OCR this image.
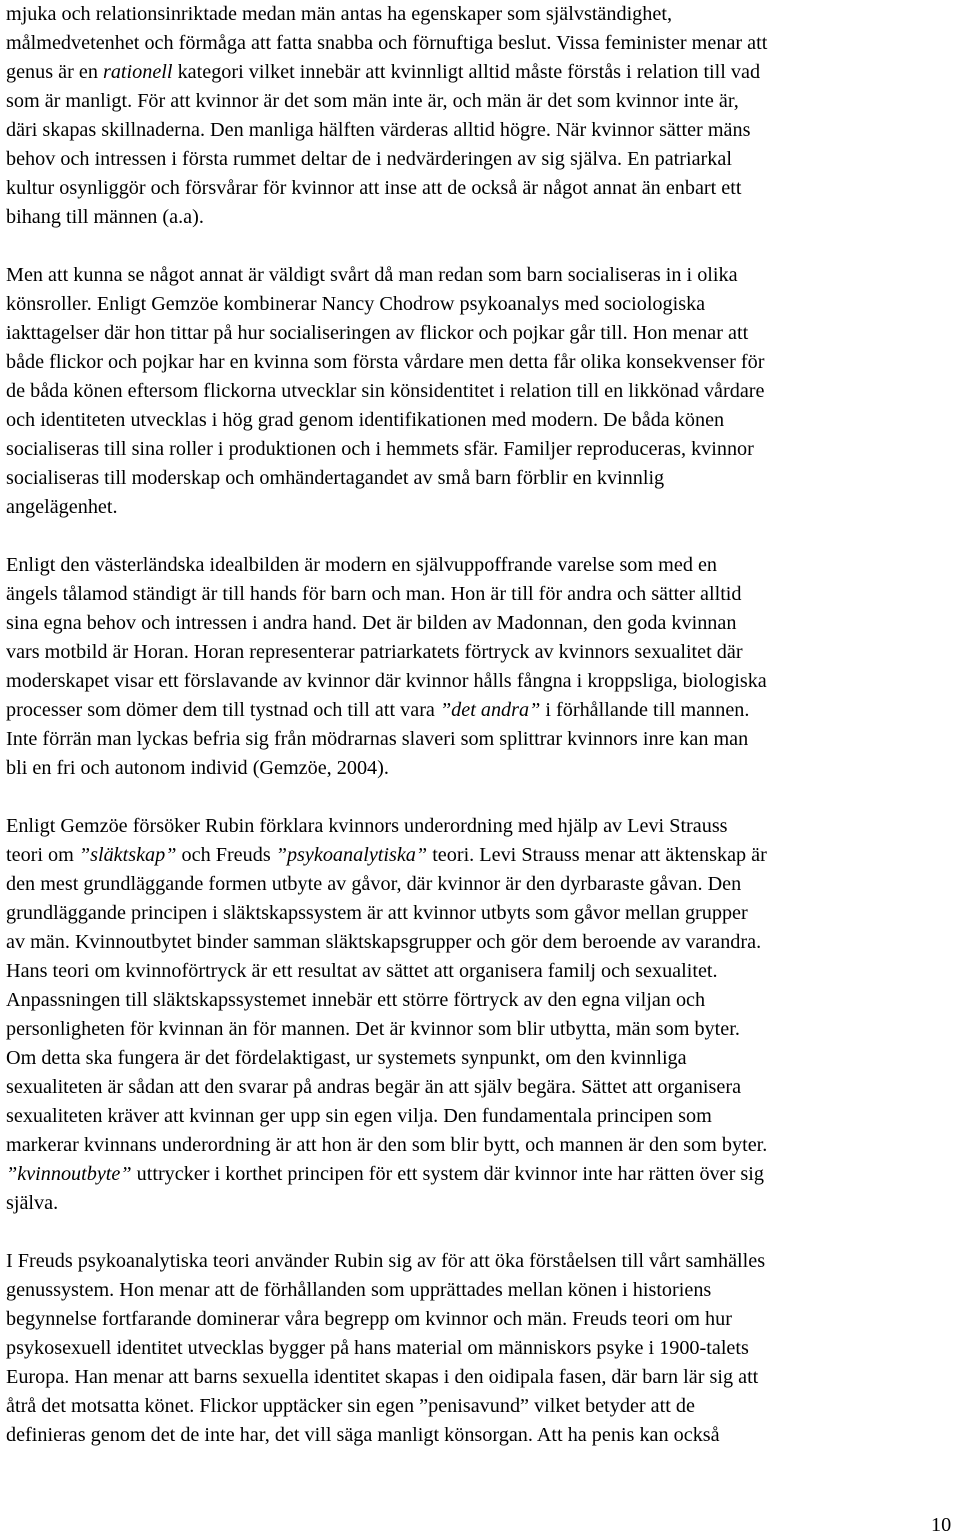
mjuka och relationsinriktade medan män antas ha egenskaper som självständighet,
målmedvetenhet och förmåga att fatta snabba och förnuftiga beslut. Vissa feminister menar att
genus är en rationell kategori vilket innebär att kvinnligt alltid måste förstås i relation till vad
som är manligt. För att kvinnor är det som män inte är, och män är det som kvinnor inte är,
däri skapas skillnaderna. Den manliga hälften värderas alltid högre. När kvinnor sätter mäns
behov och intressen i första rummet deltar de i nedvärderingen av sig själva. En patriarkal
kultur osynliggör och försvårar för kvinnor att inse att de också är något annat än enbart ett
bihang till männen (a.a).
Men att kunna se något annat är väldigt svårt då man redan som barn socialiseras in i olika
könsroller. Enligt Gemzöe kombinerar Nancy Chodrow psykoanalys med sociologiska
iakttagelser där hon tittar på hur socialiseringen av flickor och pojkar går till. Hon menar att
både flickor och pojkar har en kvinna som första vårdare men detta får olika konsekvenser för
de båda könen eftersom flickorna utvecklar sin könsidentitet i relation till en likkönad vårdare
och identiteten utvecklas i hög grad genom identifikationen med modern. De båda könen
socialiseras till sina roller i produktionen och i hemmets sfär. Familjer reproduceras, kvinnor
socialiseras till moderskap och omhändertagandet av små barn förblir en kvinnlig
angelägenhet.
Enligt den västerländska idealbilden är modern en självuppoffrande varelse som med en
ängels tålamod ständigt är till hands för barn och man. Hon är till för andra och sätter alltid
sina egna behov och intressen i andra hand. Det är bilden av Madonnan, den goda kvinnan
vars motbild är Horan. Horan representerar patriarkatets förtryck av kvinnors sexualitet där
moderskapet visar ett förslavande av kvinnor där kvinnor hålls fångna i kroppsliga, biologiska
processer som dömer dem till tystnad och till att vara ”det andra” i förhållande till mannen.
Inte förrän man lyckas befria sig från mödrarnas slaveri som splittrar kvinnors inre kan man
bli en fri och autonom individ (Gemzöe, 2004).
Enligt Gemzöe försöker Rubin förklara kvinnors underordning med hjälp av Levi Strauss
teori om ”släktskap” och Freuds ”psykoanalytiska” teori. Levi Strauss menar att äktenskap är
den mest grundläggande formen utbyte av gåvor, där kvinnor är den dyrbaraste gåvan. Den
grundläggande principen i släktskapssystem är att kvinnor utbyts som gåvor mellan grupper
av män. Kvinnoutbytet binder samman släktskapsgrupper och gör dem beroende av varandra.
Hans teori om kvinnoförtryck är ett resultat av sättet att organisera familj och sexualitet.
Anpassningen till släktskapssystemet innebär ett större förtryck av den egna viljan och
personligheten för kvinnan än för mannen. Det är kvinnor som blir utbytta, män som byter.
Om detta ska fungera är det fördelaktigast, ur systemets synpunkt, om den kvinnliga
sexualiteten är sådan att den svarar på andras begär än att själv begära. Sättet att organisera
sexualiteten kräver att kvinnan ger upp sin egen vilja. Den fundamentala principen som
markerar kvinnans underordning är att hon är den som blir bytt, och mannen är den som byter.
”kvinnoutbyte” uttrycker i korthet principen för ett system där kvinnor inte har rätten över sig
själva.
I Freuds psykoanalytiska teori använder Rubin sig av för att öka förståelsen till vårt samhälles
genussystem. Hon menar att de förhållanden som upprättades mellan könen i historiens
begynnelse fortfarande dominerar våra begrepp om kvinnor och män. Freuds teori om hur
psykosexuell identitet utvecklas bygger på hans material om människors psyke i 1900-talets
Europa. Han menar att barns sexuella identitet skapas i den oidipala fasen, där barn lär sig att
åtrå det motsatta könet. Flickor upptäcker sin egen ”penisavund” vilket betyder att de
definieras genom det de inte har, det vill säga manligt könsorgan. Att ha penis kan också
10
